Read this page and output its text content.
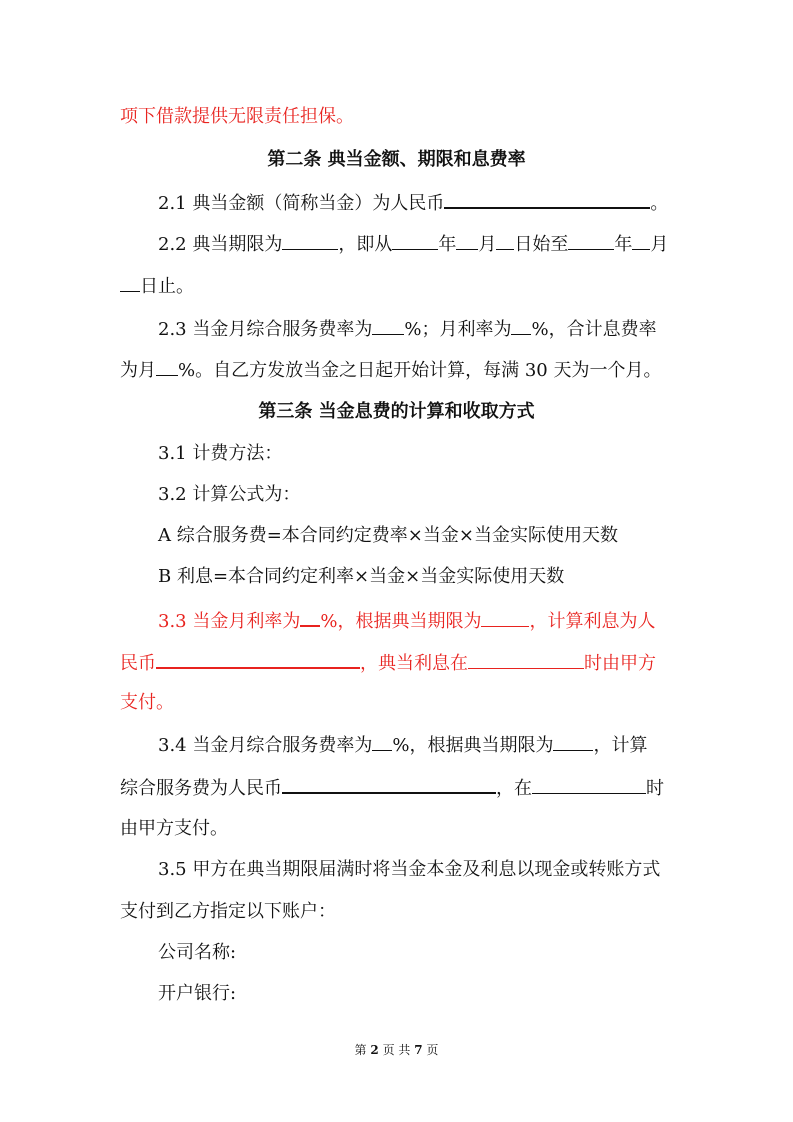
项下借款提供无限责任担保。
第二条 典当金额、期限和息费率
2.1 典当金额（简称当金）为人民币	。
2.2 典当期限为	，即从	年 月 日始至	年 月
日止。
2.3 当金月综合服务费率为 %；月利率为 %，合计息费率
为月 %。自乙方发放当金之日起开始计算，每满 30 天为一个月。
第三条 当金息费的计算和收取方式
3.1 计费方法：
3.2 计算公式为：
A 综合服务费=本合同约定费率×当金×当金实际使用天数
B 利息=本合同约定利率×当金×当金实际使用天数
3.3 当金月利率为 %，根据典当期限为	，计算利息为人
民币	，典当利息在	时由甲方
支付。
3.4 当金月综合服务费率为 %，根据典当期限为 ，计算
综合服务费为人民币	，在	时
由甲方支付。
3.5 甲方在典当期限届满时将当金本金及利息以现金或转账方式
支付到乙方指定以下账户：
公司名称:
开户银行:
第 2 页 共 7 页
